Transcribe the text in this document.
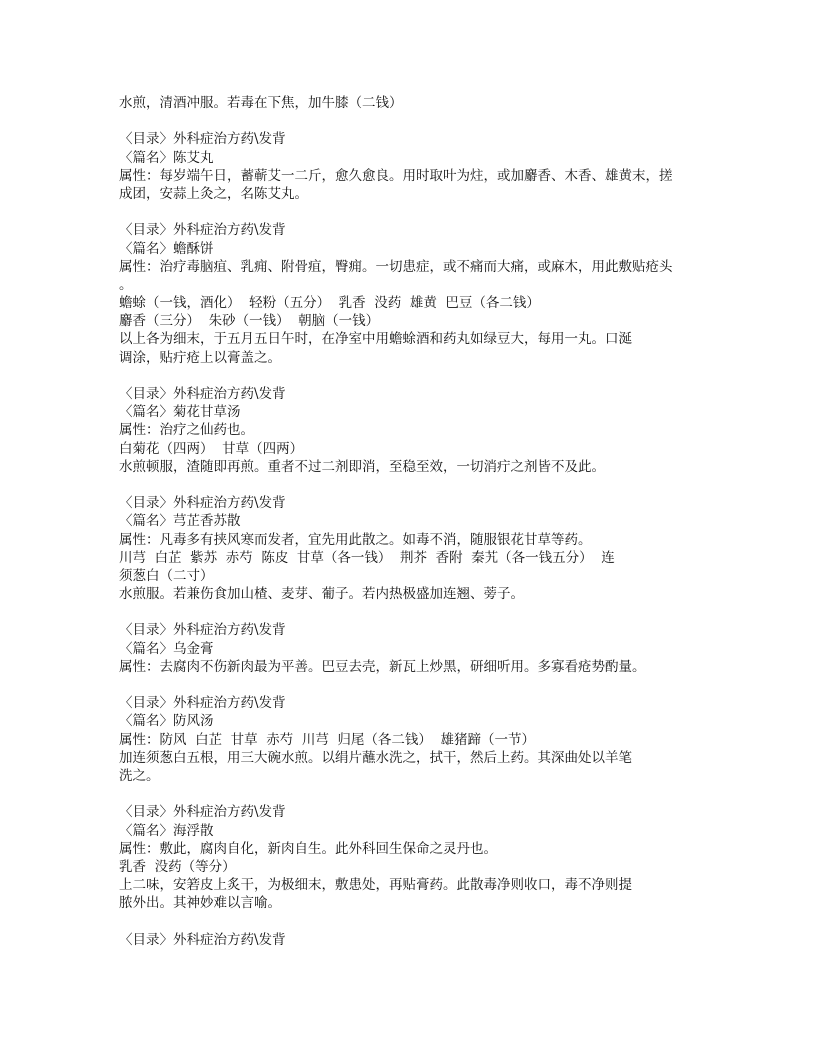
水煎，清酒冲服。若毒在下焦，加牛膝（二钱）
〈目录〉外科症治方药\发背
〈篇名〉陈艾丸
属性：每岁端午日，蓄蕲艾一二斤，愈久愈良。用时取叶为炷，或加麝香、木香、雄黄末，搓
成团，安蒜上灸之，名陈艾丸。
〈目录〉外科症治方药\发背
〈篇名〉蟾酥饼
属性：治疗毒脑疽、乳痈、附骨疽，臀痈。一切患症，或不痛而大痛，或麻木，用此敷贴疮头
。
蟾蜍（一钱，酒化）  轻粉（五分）  乳香  没药  雄黄  巴豆（各二钱）
麝香（三分）  朱砂（一钱）  朝脑（一钱）
以上各为细末，于五月五日午时，在净室中用蟾蜍酒和药丸如绿豆大，每用一丸。口涎
调涂，贴疔疮上以膏盖之。
〈目录〉外科症治方药\发背
〈篇名〉菊花甘草汤
属性：治疗之仙药也。
白菊花（四两）  甘草（四两）
水煎顿服，渣随即再煎。重者不过二剂即消，至稳至效，一切消疔之剂皆不及此。
〈目录〉外科症治方药\发背
〈篇名〉芎芷香苏散
属性：凡毒多有挟风寒而发者，宜先用此散之。如毒不消，随服银花甘草等药。
川芎  白芷  紫苏  赤芍  陈皮  甘草（各一钱）  荆芥  香附  秦艽（各一钱五分）  连
须葱白（二寸）
水煎服。若兼伤食加山楂、麦芽、葡子。若内热极盛加连翘、蒡子。
〈目录〉外科症治方药\发背
〈篇名〉乌金膏
属性：去腐肉不伤新肉最为平善。巴豆去壳，新瓦上炒黑，研细听用。多寡看疮势酌量。
〈目录〉外科症治方药\发背
〈篇名〉防风汤
属性：防风  白芷  甘草  赤芍  川芎  归尾（各二钱）  雄猪蹄（一节）
加连须葱白五根，用三大碗水煎。以绢片蘸水洗之，拭干，然后上药。其深曲处以羊笔
洗之。
〈目录〉外科症治方药\发背
〈篇名〉海浮散
属性：敷此，腐肉自化，新肉自生。此外科回生保命之灵丹也。
乳香  没药（等分）
上二味，安箬皮上炙干，为极细末，敷患处，再贴膏药。此散毒净则收口，毒不净则提
脓外出。其神妙难以言喻。
〈目录〉外科症治方药\发背
